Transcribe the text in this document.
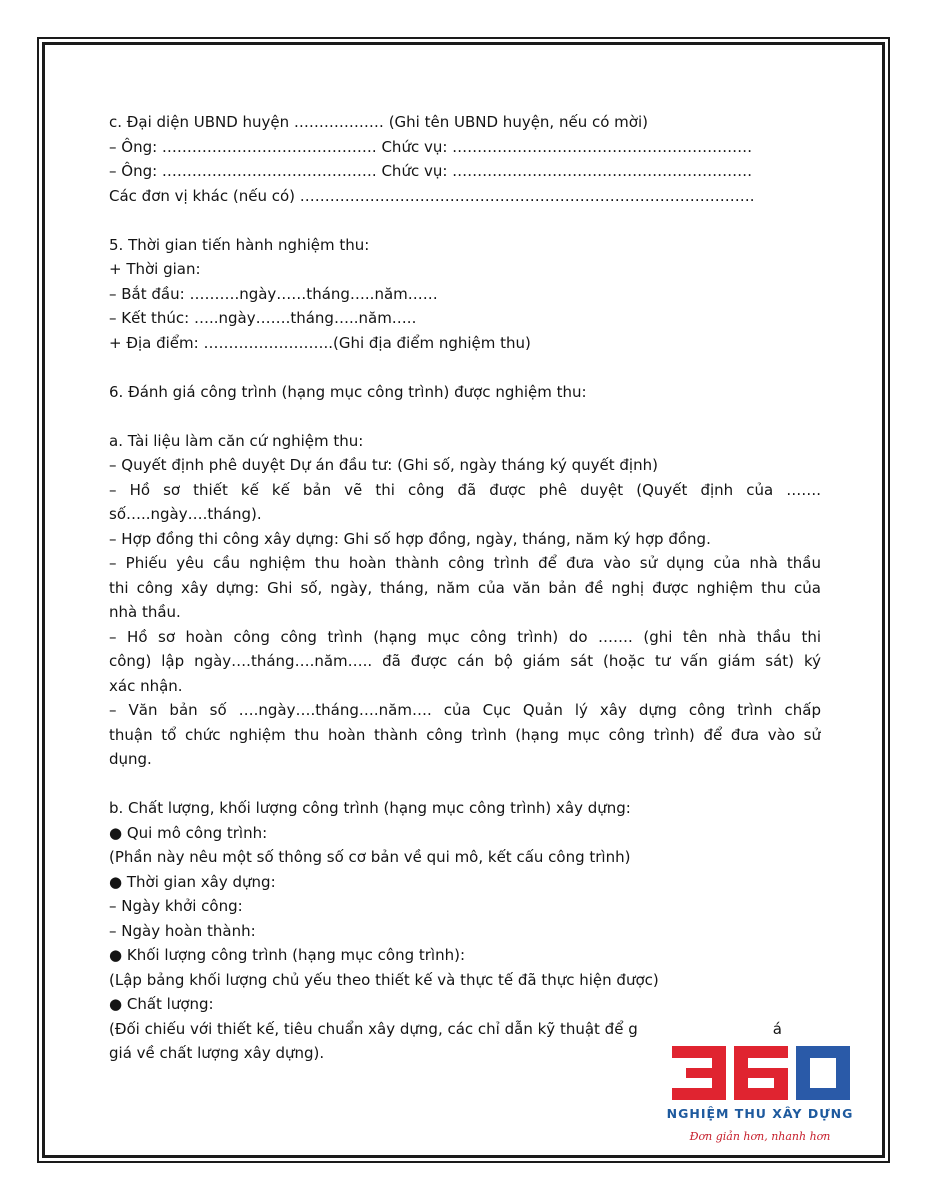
c. Đại diện UBND huyện ……………… (Ghi tên UBND huyện, nếu có mời)
– Ông: ……………………………………. Chức vụ: ……………………………………………………
– Ông: ……………………………………. Chức vụ: ……………………………………………………
Các đơn vị khác (nếu có) ……………………………………………………………………………….
5. Thời gian tiến hành nghiệm thu:
+ Thời gian:
– Bắt đầu: ……….ngày……tháng…..năm……
– Kết thúc: …..ngày…….tháng…..năm…..
+ Địa điểm: ……………………..(Ghi địa điểm nghiệm thu)
6. Đánh giá công trình (hạng mục công trình) được nghiệm thu:
a. Tài liệu làm căn cứ nghiệm thu:
– Quyết định phê duyệt Dự án đầu tư: (Ghi số, ngày tháng ký quyết định)
– Hồ sơ thiết kế kế bản vẽ thi công đã được phê duyệt (Quyết định của …….
số…..ngày….tháng).
– Hợp đồng thi công xây dựng: Ghi số hợp đồng, ngày, tháng, năm ký hợp đồng.
– Phiếu yêu cầu nghiệm thu hoàn thành công trình để đưa vào sử dụng của nhà thầu
thi công xây dựng: Ghi số, ngày, tháng, năm của văn bản đề nghị được nghiệm thu của
nhà thầu.
– Hồ sơ hoàn công công trình (hạng mục công trình) do ……. (ghi tên nhà thầu thi
công) lập ngày….tháng….năm….. đã được cán bộ giám sát (hoặc tư vấn giám sát) ký
xác nhận.
– Văn bản số ….ngày….tháng….năm…. của Cục Quản lý xây dựng công trình chấp
thuận tổ chức nghiệm thu hoàn thành công trình (hạng mục công trình) để đưa vào sử
dụng.
b. Chất lượng, khối lượng công trình (hạng mục công trình) xây dựng:
● Qui mô công trình:
(Phần này nêu một số thông số cơ bản về qui mô, kết cấu công trình)
● Thời gian xây dựng:
– Ngày khởi công:
– Ngày hoàn thành:
● Khối lượng công trình (hạng mục công trình):
(Lập bảng khối lượng chủ yếu theo thiết kế và thực tế đã thực hiện được)
● Chất lượng:
(Đối chiếu với thiết kế, tiêu chuẩn xây dựng, các chỉ dẫn kỹ thuật để g	á
giá về chất lượng xây dựng).
NGHIỆM THU XÂY DỰNG
Đơn giản hơn, nhanh hơn
